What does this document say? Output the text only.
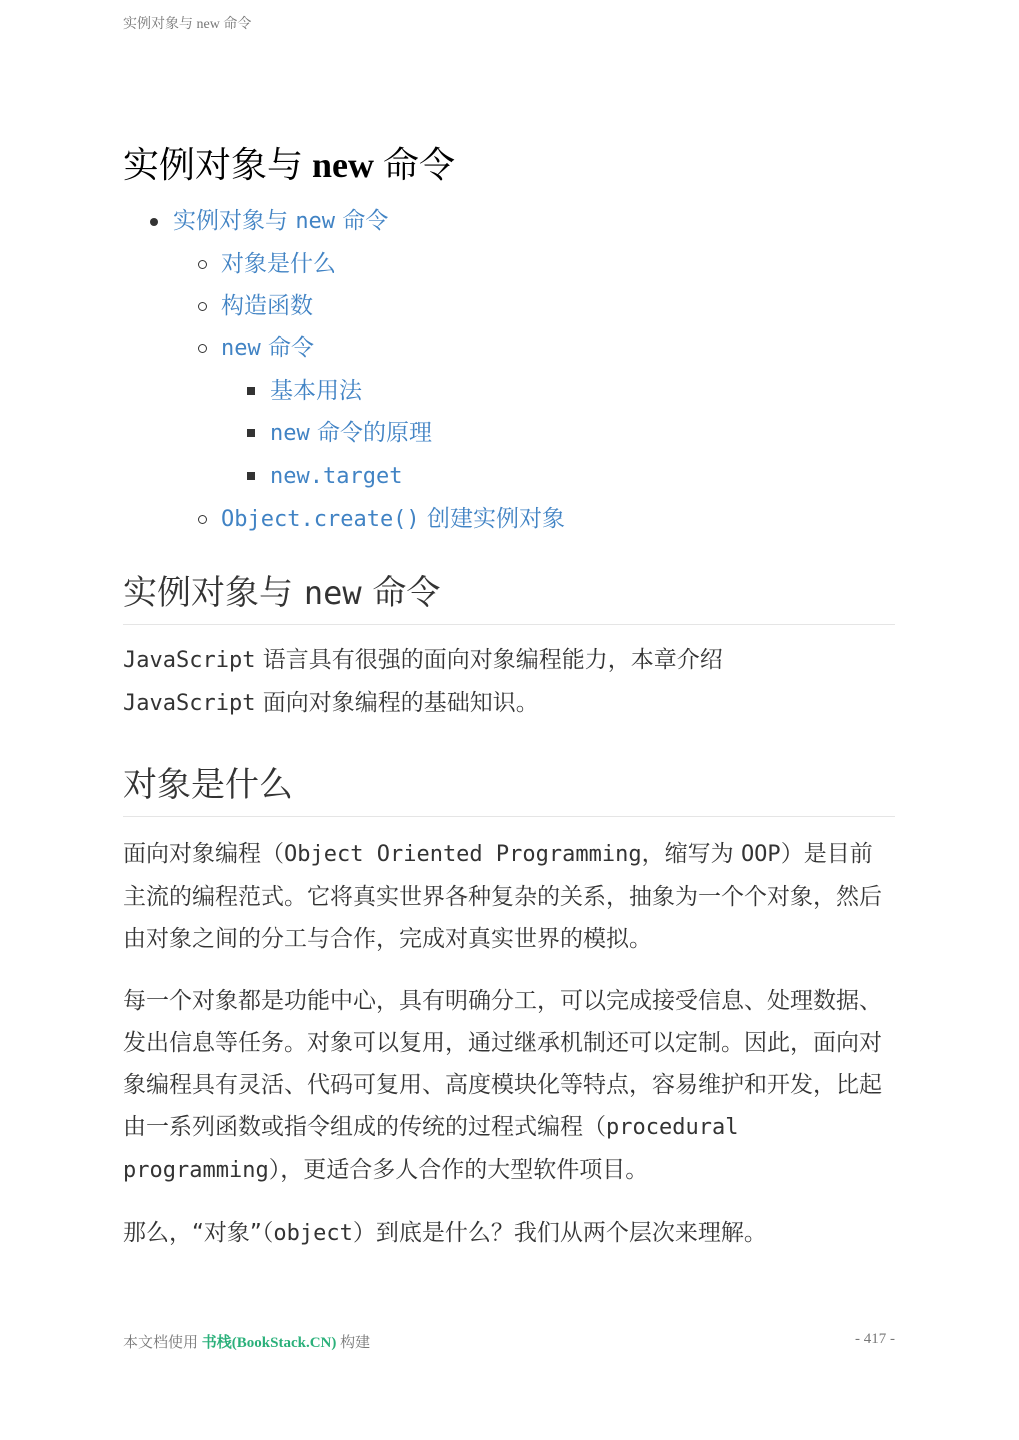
实例对象与 new 命令
实例对象与 new 命令
实例对象与 new 命令
对象是什么
构造函数
new 命令
基本用法
new 命令的原理
new.target
Object.create() 创建实例对象
实例对象与 new 命令

JavaScript 语言具有很强的面向对象编程能力，本章介绍
JavaScript 面向对象编程的基础知识。

对象是什么

面向对象编程（Object Oriented Programming，缩写为 OOP）是目前主流的编程范式。它将真实世界各种复杂的关系，抽象为一个个对象，然后由对象之间的分工与合作，完成对真实世界的模拟。

每一个对象都是功能中心，具有明确分工，可以完成接受信息、处理数据、发出信息等任务。对象可以复用，通过继承机制还可以定制。因此，面向对象编程具有灵活、代码可复用、高度模块化等特点，容易维护和开发，比起由一系列函数或指令组成的传统的过程式编程（procedural programming），更适合多人合作的大型软件项目。

那么，“对象”（object）到底是什么？我们从两个层次来理解。

本文档使用 书栈(BookStack.CN) 构建	- 417 -
